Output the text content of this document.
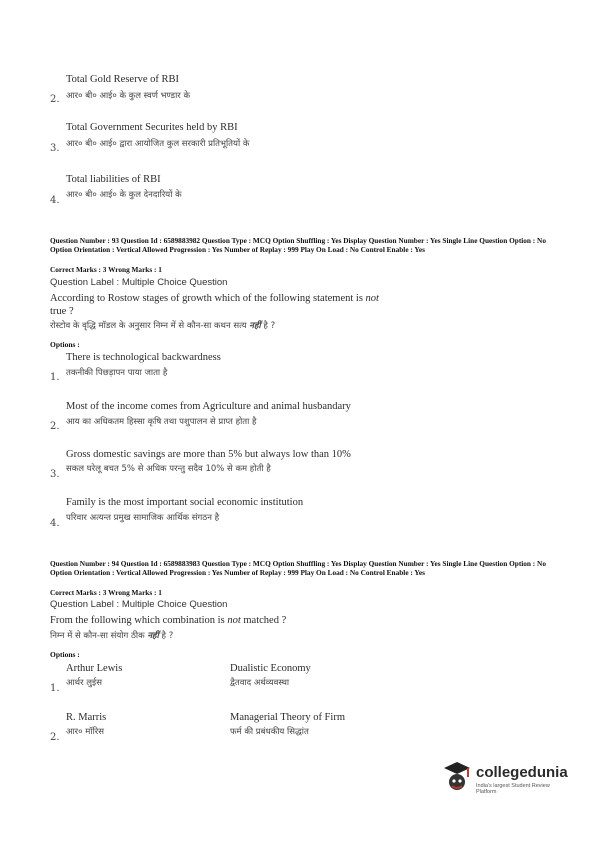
Total Gold Reserve of RBI
2. आर० बी० आई० के कुल स्वर्ण भण्डार के
Total Government Securites held by RBI
3. आर० बी० आई० द्वारा आयोजित कुल सरकारी प्रतिभूतियों के
Total liabilities of RBI
4. आर० बी० आई० के कुल देनदारियों के
Question Number : 93 Question Id : 6589883982 Question Type : MCQ Option Shuffling : Yes Display Question Number : Yes Single Line Question Option : No Option Orientation : Vertical Allowed Progression : Yes Number of Replay : 999 Play On Load : No Control Enable : Yes
Correct Marks : 3 Wrong Marks : 1
Question Label : Multiple Choice Question
According to Rostow stages of growth which of the following statement is not
true ?
रोस्टोव के वृद्धि मॉडल के अनुसार निम्न में से कौन-सा कथन सत्य नहीं है ?
Options :
There is technological backwardness
1. तकनीकी पिछड़ापन पाया जाता है
Most of the income comes from Agriculture and animal husbandary
2. आय का अधिकतम हिस्सा कृषि तथा पशुपालन से प्राप्त होता है
Gross domestic savings are more than 5% but always low than 10%
3. सकल घरेलू बचत 5% से अधिक परन्तु सदैव 10% से कम होती है
Family is the most important social economic institution
4. परिवार अत्यन्त प्रमुख सामाजिक आर्थिक संगठन है
Question Number : 94 Question Id : 6589883983 Question Type : MCQ Option Shuffling : Yes Display Question Number : Yes Single Line Question Option : No Option Orientation : Vertical Allowed Progression : Yes Number of Replay : 999 Play On Load : No Control Enable : Yes
Correct Marks : 3 Wrong Marks : 1
Question Label : Multiple Choice Question
From the following which combination is not matched ?
निम्न में से कौन-सा संयोग ठीक नहीं है ?
Options :
Arthur Lewis	Dualistic Economy
1. आर्थर लुईस	द्वैतवाद अर्थव्यवस्था
R. Marris	Managerial Theory of Firm
2. आर० मॉरिस	फर्म की प्रबंधकीय सिद्धांत
collegedunia
India's largest Student Review Platform
